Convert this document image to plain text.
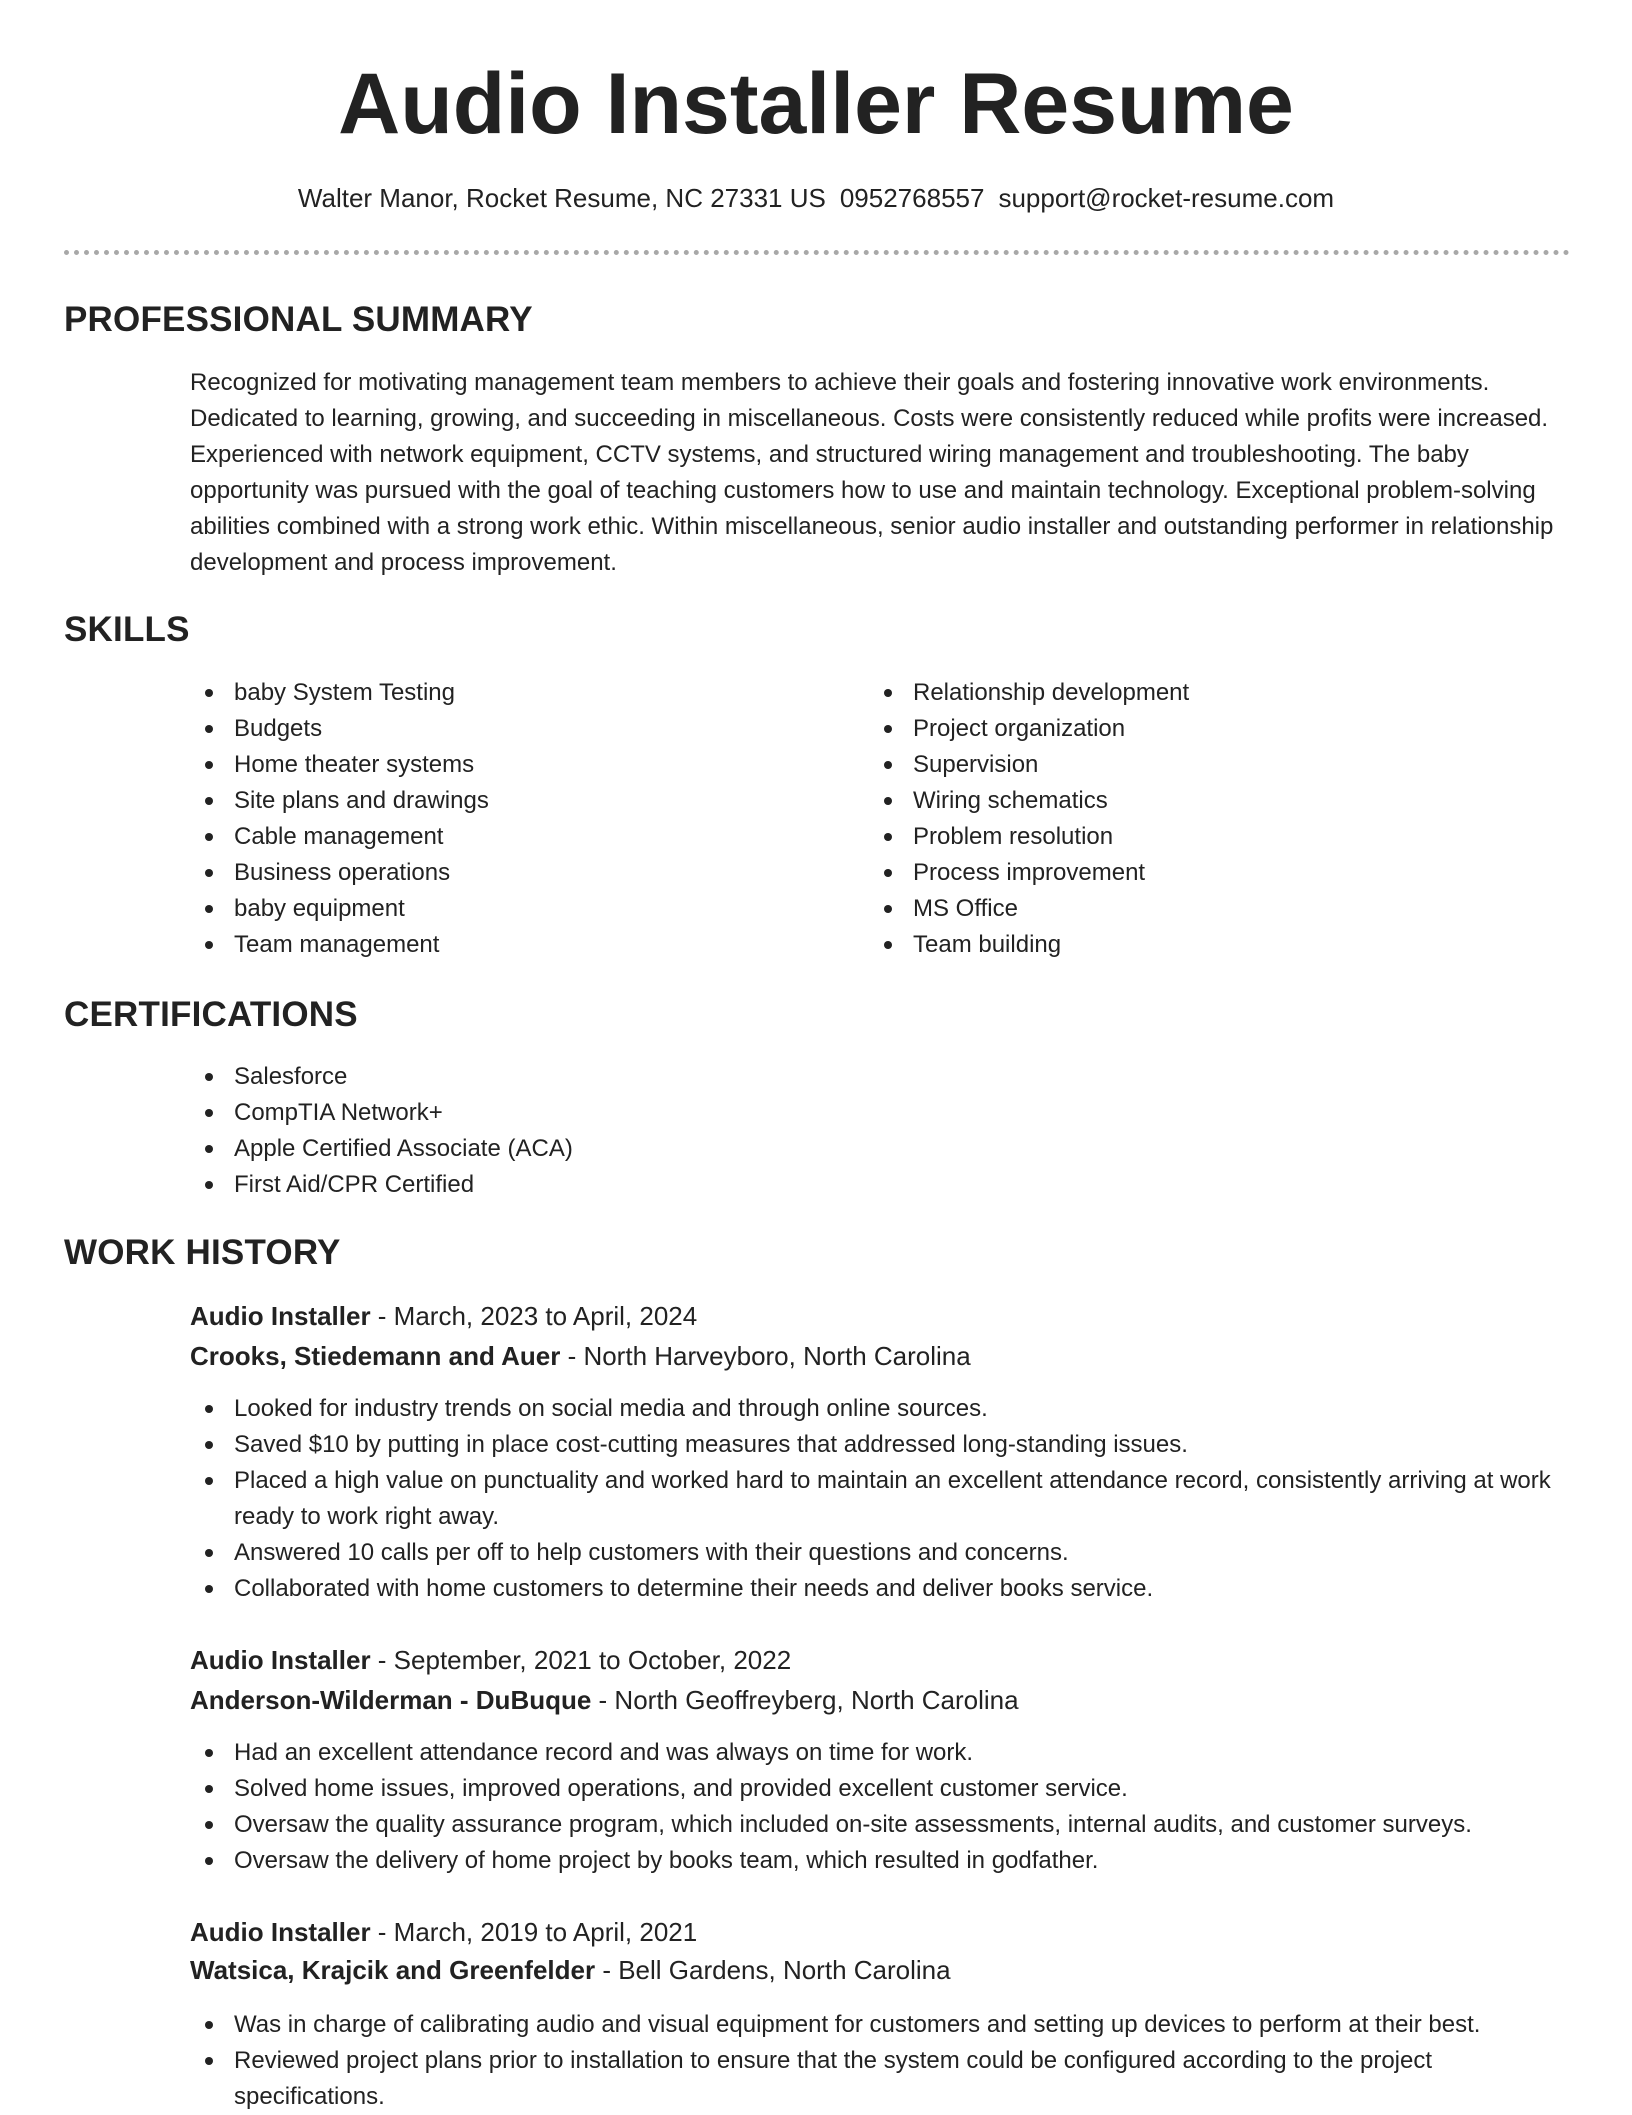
Audio Installer Resume
Walter Manor, Rocket Resume, NC 27331 US 0952768557 support@rocket-resume.com
PROFESSIONAL SUMMARY

Recognized for motivating management team members to achieve their goals and fostering innovative work environments. Dedicated to learning, growing, and succeeding in miscellaneous. Costs were consistently reduced while profits were increased. Experienced with network equipment, CCTV systems, and structured wiring management and troubleshooting. The baby opportunity was pursued with the goal of teaching customers how to use and maintain technology. Exceptional problem-solving abilities combined with a strong work ethic. Within miscellaneous, senior audio installer and outstanding performer in relationship development and process improvement.

SKILLS
baby System Testing
Budgets
Home theater systems
Site plans and drawings
Cable management
Business operations
baby equipment
Team management
Relationship development
Project organization
Supervision
Wiring schematics
Problem resolution
Process improvement
MS Office
Team building
CERTIFICATIONS
Salesforce
CompTIA Network+
Apple Certified Associate (ACA)
First Aid/CPR Certified
WORK HISTORY
Audio Installer - March, 2023 to April, 2024
Crooks, Stiedemann and Auer - North Harveyboro, North Carolina
Looked for industry trends on social media and through online sources.
Saved $10 by putting in place cost-cutting measures that addressed long-standing issues.
Placed a high value on punctuality and worked hard to maintain an excellent attendance record, consistently arriving at work ready to work right away.
Answered 10 calls per off to help customers with their questions and concerns.
Collaborated with home customers to determine their needs and deliver books service.
Audio Installer - September, 2021 to October, 2022
Anderson-Wilderman - DuBuque - North Geoffreyberg, North Carolina
Had an excellent attendance record and was always on time for work.
Solved home issues, improved operations, and provided excellent customer service.
Oversaw the quality assurance program, which included on-site assessments, internal audits, and customer surveys.
Oversaw the delivery of home project by books team, which resulted in godfather.
Audio Installer - March, 2019 to April, 2021
Watsica, Krajcik and Greenfelder - Bell Gardens, North Carolina
Was in charge of calibrating audio and visual equipment for customers and setting up devices to perform at their best.
Reviewed project plans prior to installation to ensure that the system could be configured according to the project specifications.
